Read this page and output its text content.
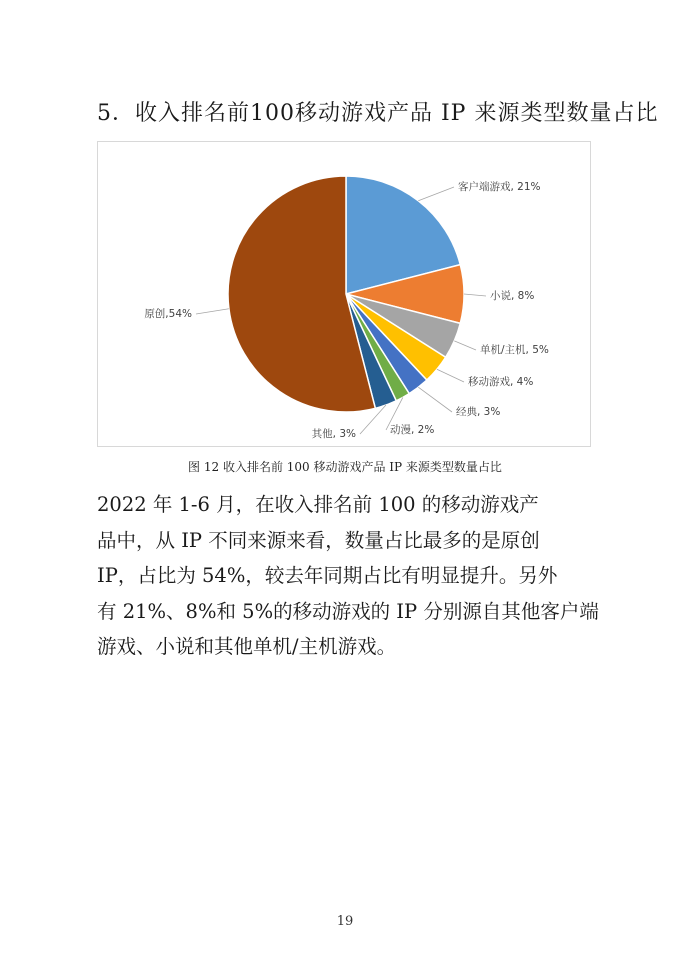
5．收入排名前100移动游戏产品 IP 来源类型数量占比
客户端游戏, 21%
小说, 8%
单机/主机, 5%
移动游戏, 4%
经典, 3%
动漫, 2%
其他, 3%
原创,54%
图 12 收入排名前 100 移动游戏产品 IP 来源类型数量占比
2022 年 1-6 月，在收入排名前 100 的移动游戏产
品中，从 IP 不同来源来看，数量占比最多的是原创
IP，占比为 54%，较去年同期占比有明显提升。另外
有 21%、8%和 5%的移动游戏的 IP 分别源自其他客户端
游戏、小说和其他单机/主机游戏。
19
